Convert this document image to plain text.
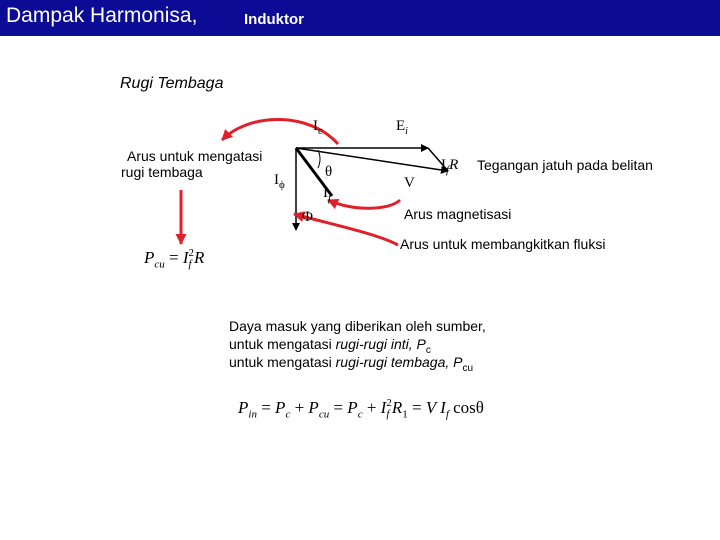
Dampak Harmonisa,	Induktor
Rugi Tembaga
$I_c$	$E_i$
$I_\phi$
θ
$I_f$
Φ
V
$I_fR$
Arus untuk mengatasi
rugi tembaga	Tegangan jatuh pada belitan
Arus magnetisasi
Arus untuk membangkitkan fluksi
$P_{cu} = I$ 2
f R
Daya masuk yang diberikan oleh sumber,
untuk mengatasi rugi-rugi inti, $P_c$
untuk mengatasi rugi-rugi tembaga, $P_{cu}$
$P_{in} = P_c + P_{cu} = P_c + I$ 2
f $R_1 = V$ $I_f$ cosθ
